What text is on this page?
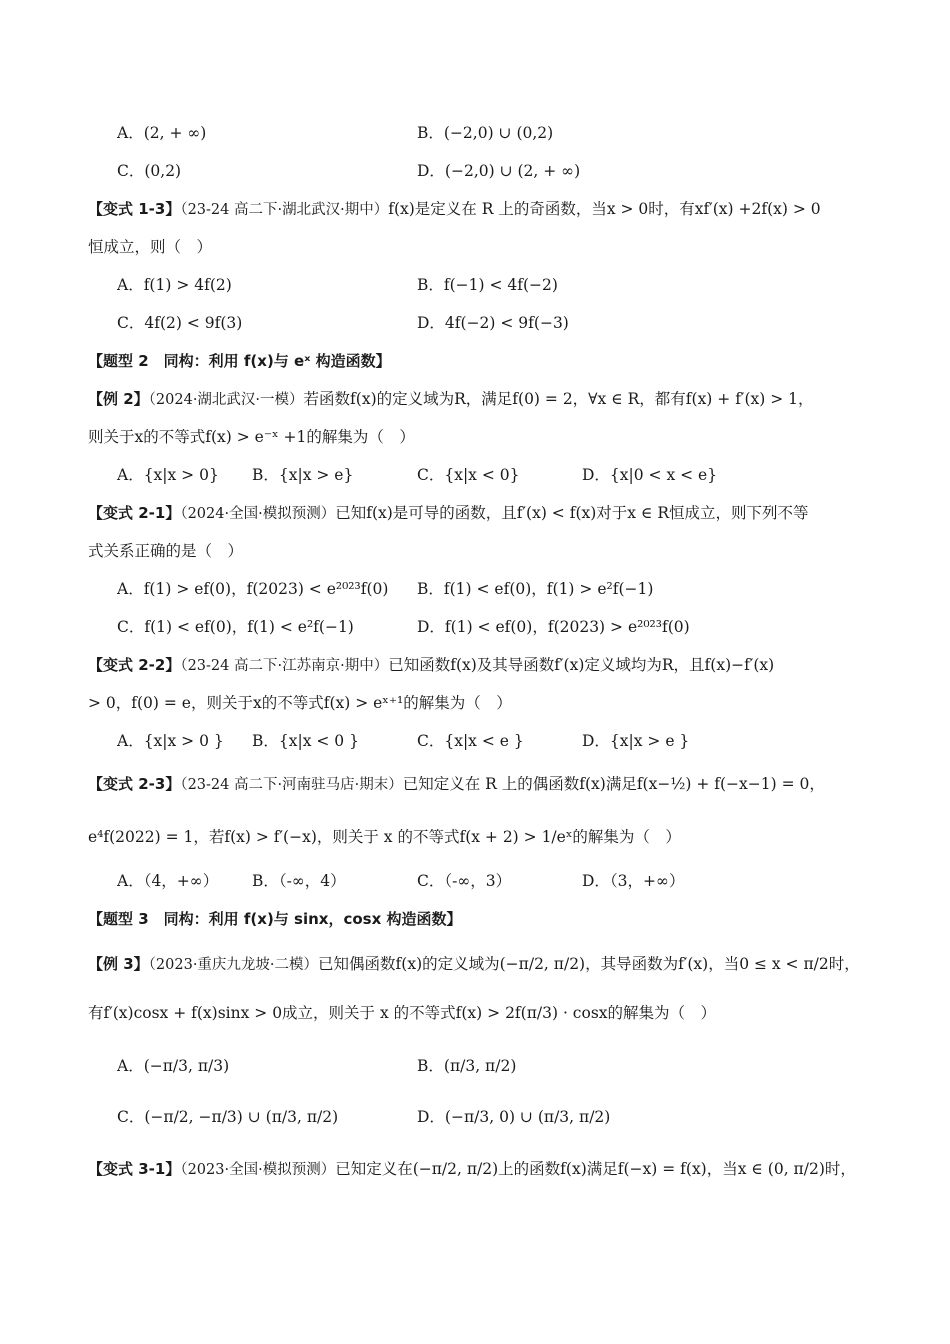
A．(2, + ∞)	B．(−2,0) ∪ (0,2)
C．(0,2)	D．(−2,0) ∪ (2, + ∞)
【变式 1-3】（23-24 高二下·湖北武汉·期中）f(x)是定义在 R 上的奇函数，当x > 0时，有xf′(x) +2f(x) > 0
恒成立，则（　）
A．f(1) > 4f(2)	B．f(−1) < 4f(−2)
C．4f(2) < 9f(3)	D．4f(−2) < 9f(−3)
【题型 2　同构：利用 f(x)与 eˣ 构造函数】
【例 2】（2024·湖北武汉·一模）若函数f(x)的定义域为R，满足f(0) = 2，∀x ∈ R，都有f(x) + f′(x) > 1，
则关于x的不等式f(x) > e⁻ˣ +1的解集为（　）
A．{x|x > 0} B．{x|x > e}	C．{x|x < 0}	D．{x|0 < x < e}
【变式 2-1】（2024·全国·模拟预测）已知f(x)是可导的函数，且f′(x) < f(x)对于x ∈ R恒成立，则下列不等
式关系正确的是（　）
A．f(1) > ef(0)，f(2023) < e²⁰²³f(0) B．f(1) < ef(0)，f(1) > e²f(−1)
C．f(1) < ef(0)，f(1) < e²f(−1)	D．f(1) < ef(0)，f(2023) > e²⁰²³f(0)
【变式 2-2】（23-24 高二下·江苏南京·期中）已知函数f(x)及其导函数f′(x)定义域均为R，且f(x)−f′(x)
> 0，f(0) = e，则关于x的不等式f(x) > eˣ⁺¹的解集为（　）
A．{x|x > 0 } B．{x|x < 0 }	C．{x|x < e }	D．{x|x > e }
【变式 2-3】（23-24 高二下·河南驻马店·期末）已知定义在 R 上的偶函数f(x)满足f(x−½) + f(−x−1) = 0，
e⁴f(2022) = 1，若f(x) > f′(−x)，则关于 x 的不等式f(x + 2) > 1/eˣ的解集为（　）
A．（4，+∞） B．（-∞，4）	C．（-∞，3）	D．（3，+∞）
【题型 3　同构：利用 f(x)与 sinx，cosx 构造函数】
【例 3】（2023·重庆九龙坡·二模）已知偶函数f(x)的定义域为(−π/2, π/2)，其导函数为f′(x)，当0 ≤ x < π/2时，
有f′(x)cosx + f(x)sinx > 0成立，则关于 x 的不等式f(x) > 2f(π/3) · cosx的解集为（　）
A．(−π/3, π/3)	B．(π/3, π/2)
C．(−π/2, −π/3) ∪ (π/3, π/2)	D．(−π/3, 0) ∪ (π/3, π/2)
【变式 3-1】（2023·全国·模拟预测）已知定义在(−π/2, π/2)上的函数f(x)满足f(−x) = f(x)，当x ∈ (0, π/2)时，
